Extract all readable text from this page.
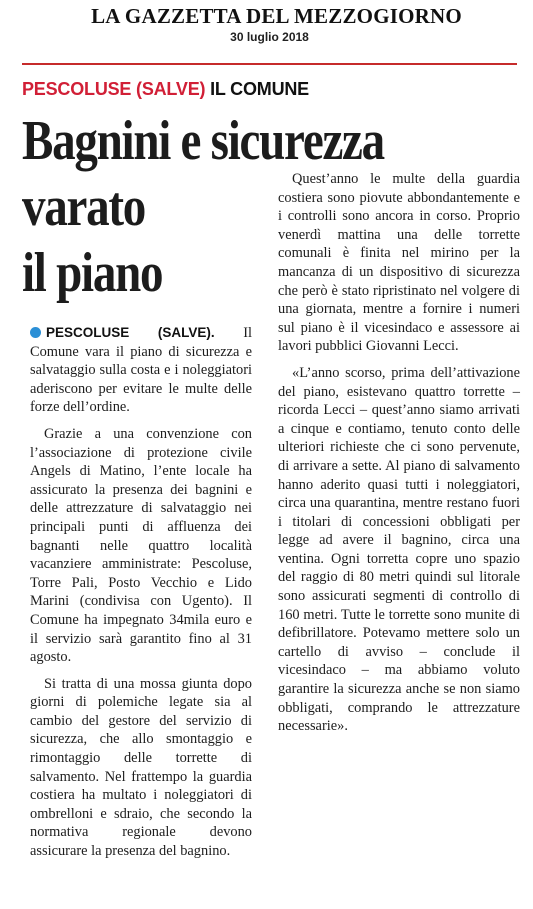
LA GAZZETTA DEL MEZZOGIORNO
30 luglio 2018
PESCOLUSE (SALVE) IL COMUNE
Bagnini e sicurezza
varato
il piano

PESCOLUSE (SALVE). Il Comune vara il piano di sicurezza e salvataggio sulla costa e i noleggiatori aderiscono per evitare le multe delle forze dell’ordine.

Grazie a una convenzione con l’associazione di protezione civile Angels di Matino, l’ente locale ha assicurato la presenza dei bagnini e delle attrezzature di salvataggio nei principali punti di affluenza dei bagnanti nelle quattro località vacanziere amministrate: Pescoluse, Torre Pali, Posto Vecchio e Lido Marini (condivisa con Ugento). Il Comune ha impegnato 34mila euro e il servizio sarà garantito fino al 31 agosto.

Si tratta di una mossa giunta dopo giorni di polemiche legate sia al cambio del gestore del servizio di sicurezza, che allo smontaggio e rimontaggio delle torrette di salvamento. Nel frattempo la guardia costiera ha multato i noleggiatori di ombrelloni e sdraio, che secondo la normativa regionale devono assicurare la presenza del bagnino.

Quest’anno le multe della guardia costiera sono piovute abbondantemente e i controlli sono ancora in corso. Proprio venerdì mattina una delle torrette comunali è finita nel mirino per la mancanza di un dispositivo di sicurezza che però è stato ripristinato nel volgere di una giornata, mentre a fornire i numeri sul piano è il vicesindaco e assessore ai lavori pubblici Giovanni Lecci.

«L’anno scorso, prima dell’attivazione del piano, esistevano quattro torrette – ricorda Lecci – quest’anno siamo arrivati a cinque e contiamo, tenuto conto delle ulteriori richieste che ci sono pervenute, di arrivare a sette. Al piano di salvamento hanno aderito quasi tutti i noleggiatori, circa una quarantina, mentre restano fuori i titolari di concessioni obbligati per legge ad avere il bagnino, circa una ventina. Ogni torretta copre uno spazio del raggio di 80 metri quindi sul litorale sono assicurati segmenti di controllo di 160 metri. Tutte le torrette sono munite di defibrillatore. Potevamo mettere solo un cartello di avviso – conclude il vicesindaco – ma abbiamo voluto garantire la sicurezza anche se non siamo obbligati, comprando le attrezzature necessarie».
